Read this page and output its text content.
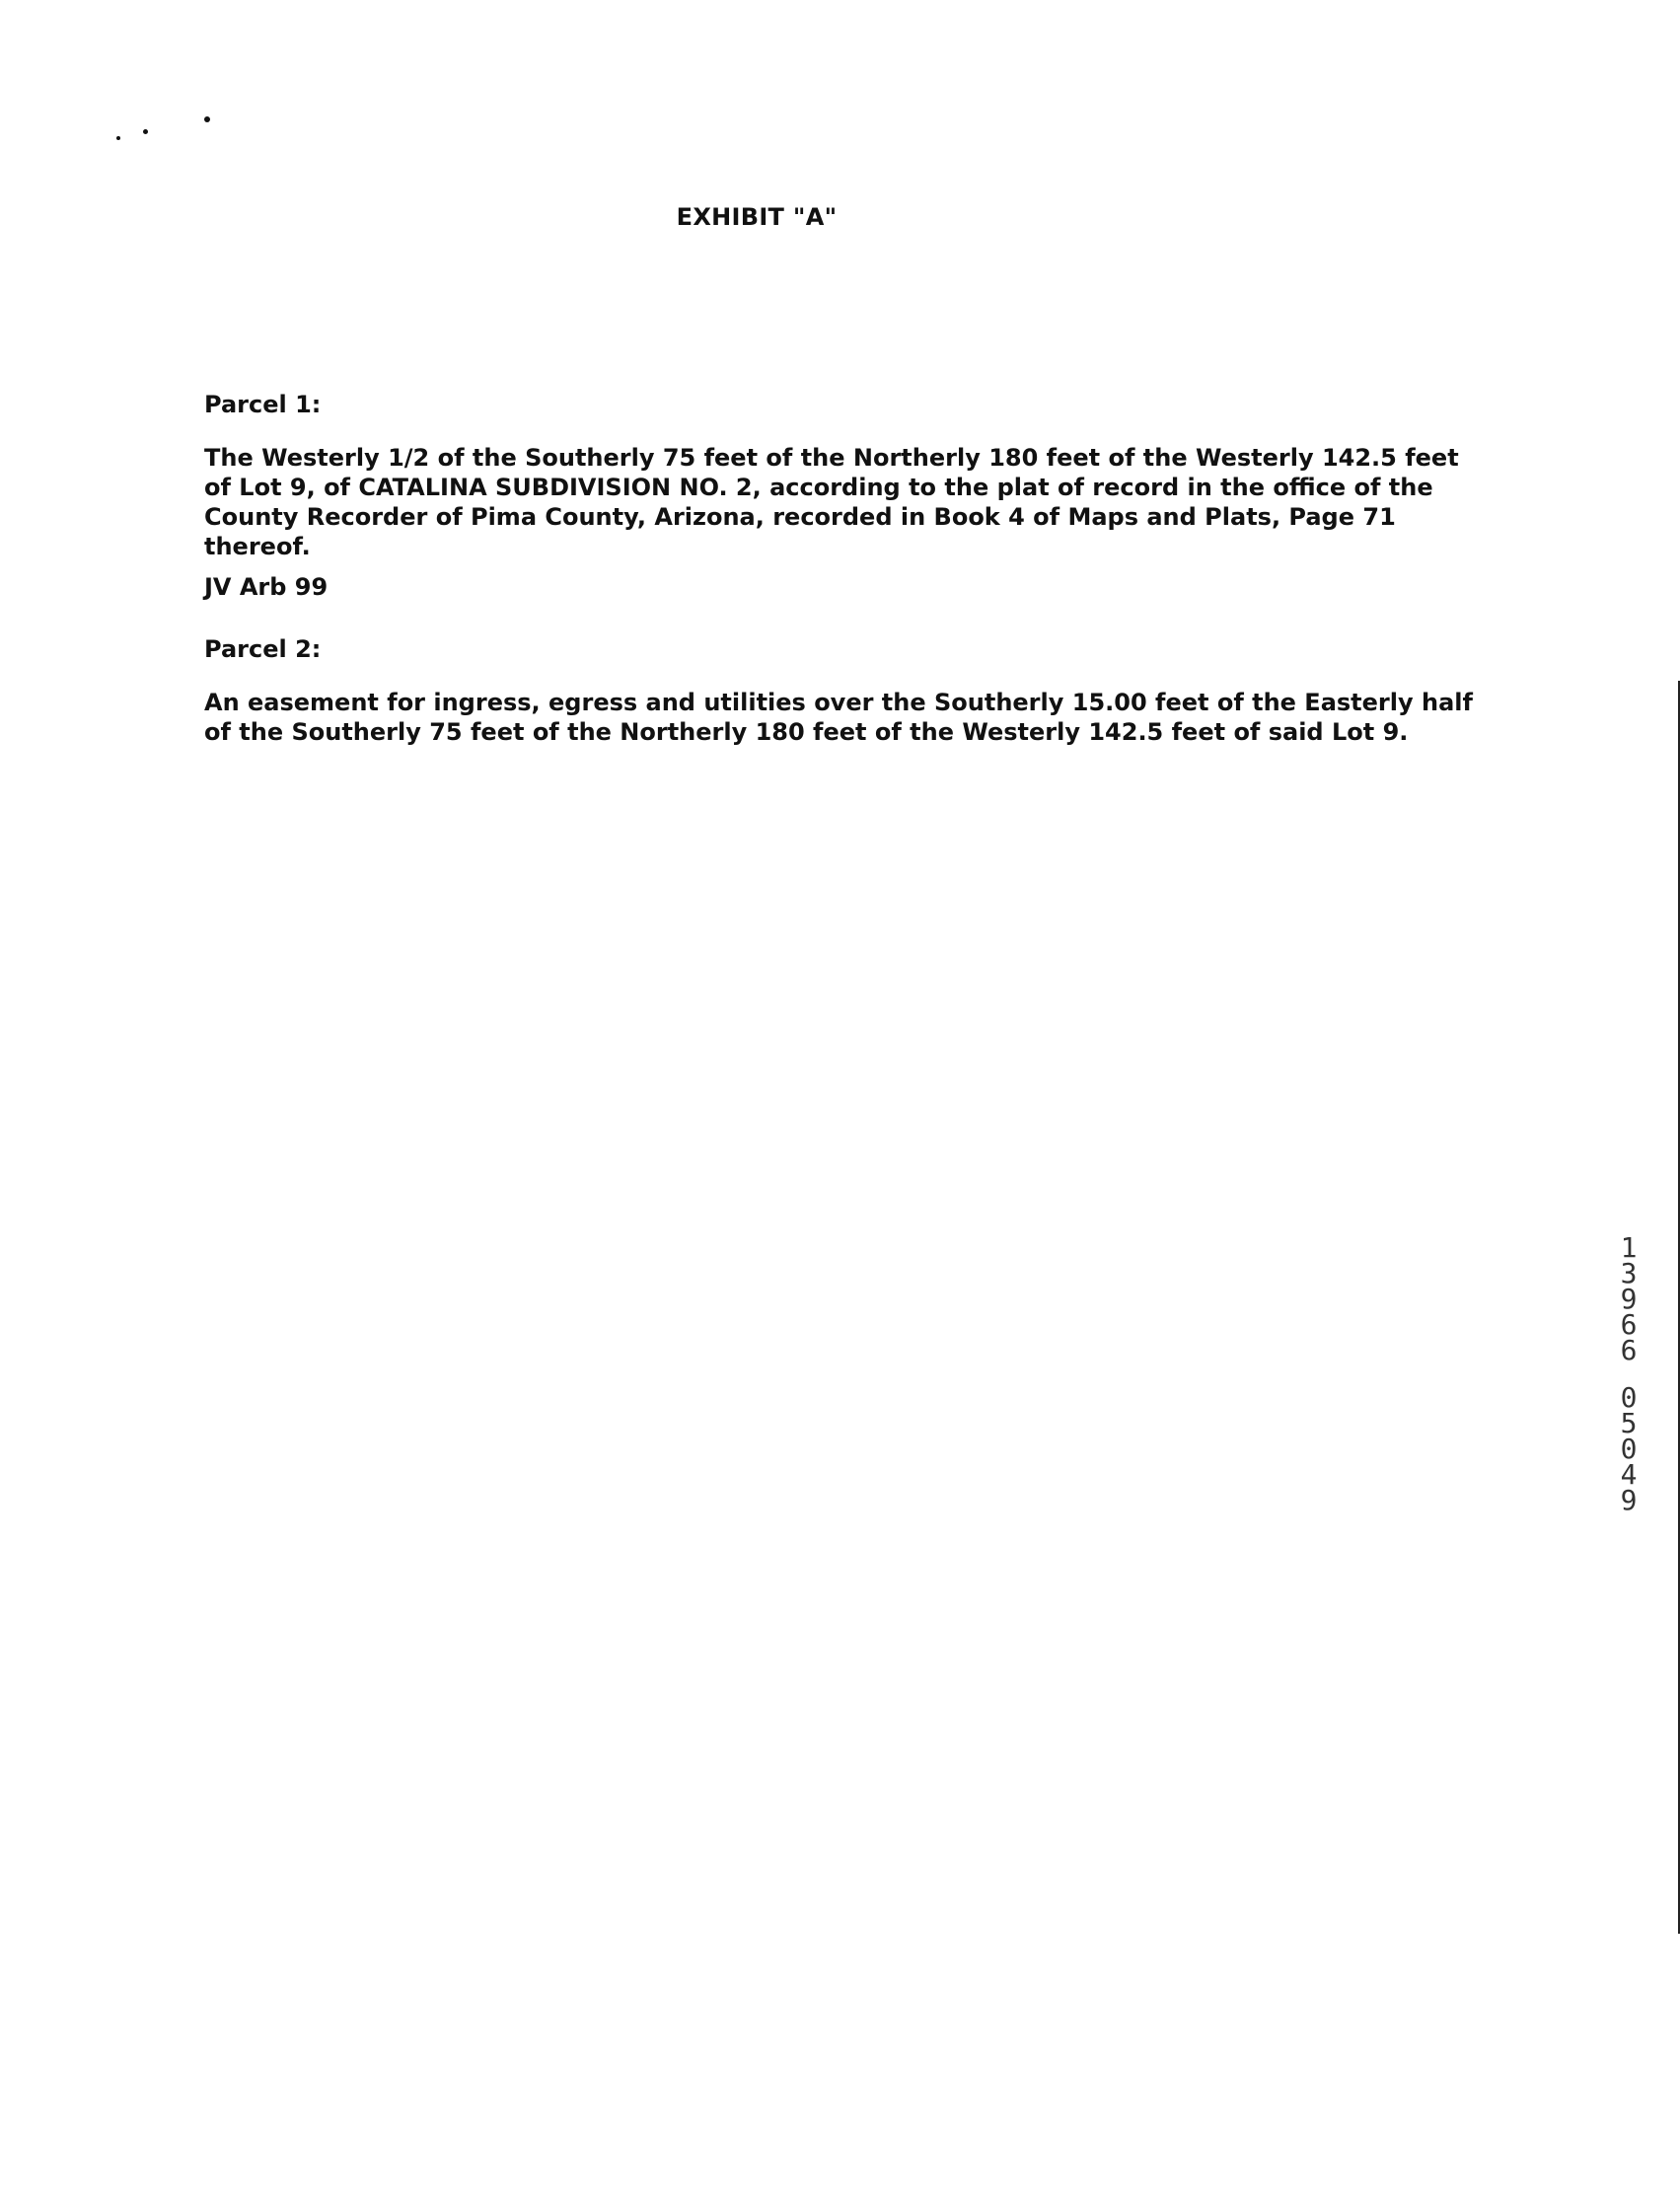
EXHIBIT "A"
Parcel 1:
The Westerly 1/2 of the Southerly 75 feet of the Northerly 180 feet of the Westerly 142.5 feet of Lot 9, of CATALINA SUBDIVISION NO. 2, according to the plat of record in the office of the County Recorder of Pima County, Arizona, recorded in Book 4 of Maps and Plats, Page 71 thereof.
JV Arb 99
Parcel 2:
An easement for ingress, egress and utilities over the Southerly 15.00 feet of the Easterly half of the Southerly 75 feet of the Northerly 180 feet of the Westerly 142.5 feet of said Lot 9.
1
3
9
6
6
0
5
0
4
9
